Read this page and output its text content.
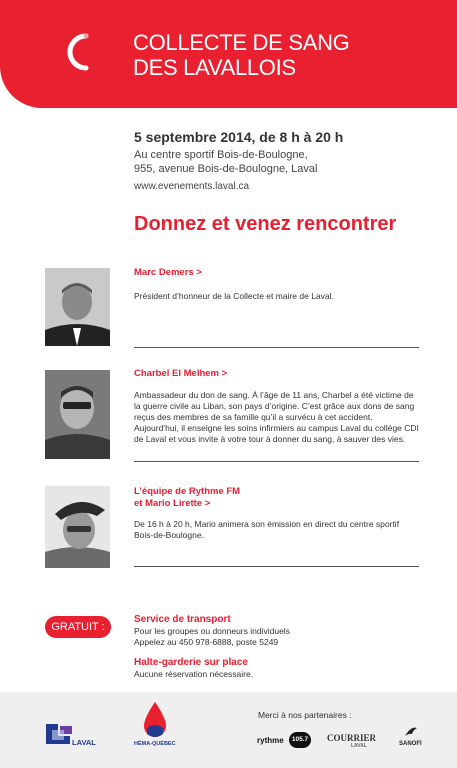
COLLECTE DE SANG
DES LAVALLOIS
5 septembre 2014, de 8 h à 20 h
Au centre sportif Bois-de-Boulogne,
955, avenue Bois-de-Boulogne, Laval
www.evenements.laval.ca
Donnez et venez rencontrer
Marc Demers >
Président d’honneur de la Collecte et maire de Laval.
Charbel El Melhem >
Ambassadeur du don de sang. À l’âge de 11 ans, Charbel a été victime de la guerre civile au Liban, son pays d’origine. C’est grâce aux dons de sang reçus des membres de sa famille qu’il a survécu à cet accident. Aujourd’hui, il enseigne les soins infirmiers au campus Laval du collège CDI de Laval et vous invite à votre tour à donner du sang, à sauver des vies.
L’équipe de Rythme FM
et Mario Lirette >
De 16 h à 20 h, Mario animera son émission en direct du centre sportif Bois-de-Boulogne.
GRATUIT :
Service de transport
Pour les groupes ou donneurs individuels
Appelez au 450 978-6888, poste 5249
Halte-garderie sur place
Aucune réservation nécessaire.
Merci à nos partenaires :
LAVAL	HÉMA-QUÉBEC	rythme	105.7	COURRIER
LAVAL	SANOFI
